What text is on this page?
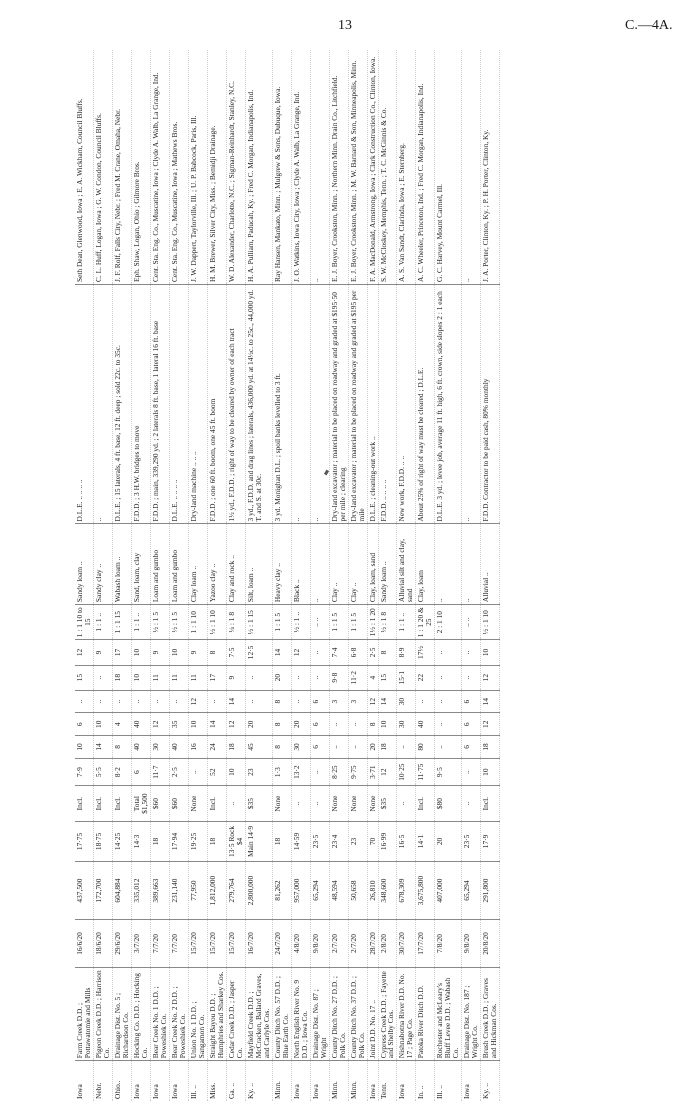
13	C.—4A.
Iowa	Farm Creek D.D. ; Pottawatomie and Mills	16/6/20	437,500	17·75	Incl.	7·9	10	6	..	15	12	1 : 1 10 to 15	Sandy loam ..	D.L.E. .. .. .. ..	Seth Dean, Glenwood, Iowa ; E. A. Wickham, Council Bluffs.
Nebr.	Pigeon Creek D.D. ; Harrison Co.	18/6/20	172,700	18·75	Incl.	5·5	14	10	..	..	9	1 : 1 ..	Sandy clay ..	..	C. L. Huff, Logan, Iowa ; G. W. Condon, Council Bluffs.
Ohio..	Drainage Dist. No. 5 ; Richardson Co.	29/6/20	604,884	14·25	Incl.	8·2	8	4	..	18	17	1 : 1 15	Wabash loam ..	D.L.E. ; 15 laterals, 4 ft. base, 12 ft. deep ; sold 22c. to 35c.	J. F. Rolf, Falls City, Nebr. ; Fred M. Crane, Omaha, Nebr.
Iowa	Hocking Co. D.D. ; Hocking Co.	3/7/20	335,012	14·3	Total $1,500	6	40	40	..	10	10	1 : 1 ..	Sand, loam, clay	F.D.D. ; 3 H.W. bridges to move	Eph. Shaw, Logan, Ohio ; Gilmore Bros.
Iowa	Bear Creek No. 1 D.D. ; Poweshiek Co.	7/7/20	389,663	18	$60	11·7	30	12	..	11	9	½ : 1 5	Loam and gumbo	F.D.D. ; main, 339,290 yd. ; 2 laterals 8 ft. base, 1 lateral 16 ft. base	Cent. Sta. Eng. Co., Muscatine, Iowa ; Clyde A. Walb, La Grange, Ind.
Iowa	Bear Creek No. 2 D.D. ; Poweshiek Co.	7/7/20	231,140	17·94	$60	2·5	40	35	..	11	10	½ : 1 5	Loam and gumbo	D.L.E. .. .. .. ..	Cent. Sta. Eng. Co., Muscatine, Iowa ; Mathews Bros.
Ill. ..	Union No. 1 D.D. ; Sangamon Co.	15/7/20	77,950	19·25	None	..	16	10	12	11	9	1 : 1 10	Clay loam ..	Dry-land machine .. .. ..	J. W. Dappert, Taylorville, Ill. ; U. P. Babcock, Paris, Ill.
Miss.	Straight Bayou D.D. ; Humphries and Sharkey Cos.	15/7/20	1,812,000	18	Incl.	52	24	14	..	17	8	½ : 1 10	Yazoo clay ..	F.D.D. ; one 60 ft. boom, one 45 ft. boom	H. M. Brewer, Silver City, Miss. ; Bemidji Drainage.
Ga. ..	Cedar Creek D.D. ; Jasper Co.	15/7/20	279,764	13·5 Rock $4	..	10	18	12	14	9	7·5	¼ : 1 8	Clay and rock ..	1½ yd., F.D.D. ; right of way to be cleared by owner of each tract	W. D. Alexander, Charlotte, N.C. ; Sigman-Reinhardt, Stanley, N.C.
Ky. ..	Mayfield Creek D.D. ; McCracken, Ballard Graves, and Carlyle Cos.	16/7/20	2,800,000	Main 14·9	$35	23	45	20	..	..	12·5	½ : 1 15	Silt, loam ..	3 yd., F.D.D. and drag lines ; laterals, 436,000 yd. at 14½c. to 25c., 44,000 yd. T. and S. at 30c.	H. A. Pulliam, Paducah, Ky. ; Fred C. Morgan, Indianapolis, Ind.
Minn.	County Ditch No. 57 D.D. ; Blue Earth Co.	24/7/20	81,262	18	None	1·3	8	8	8	20	14	1 : 1 5	Heavy clay ..	3 yd. Monighan D.L. ; spoil banks levelled to 3 ft.	Ray Hansen, Mankato, Minn. ; Mulgrew & Sons, Dubuque, Iowa.
Iowa	North English River No. 9 D.D. ; Iowa Co.	4/8/20	957,000	14·59	..	13·2	30	20	..	..	12	½ : 1 ..	Black ..	..	J. O. Watkins, Iowa City, Iowa ; Clyde A. Walb, La Grange, Ind.
Iowa	Drainage Dist. No. 87 ; Wright	9/8/20	65,294	23·5	..	..	6	6	6	..	..	.. ..	..	..	..
Minn.	County Ditch No. 27 D.D. ; Polk Co.	2/7/20	48,594	23·4	None	8·25	..	..	3	9·8	7·4	1 : 1 5	Clay ..	Dry-land excavator ; material to be placed on roadway and graded at $195·50 per mile ; clearing	E. J. Boyer, Crookston, Minn. ; Northern Minn. Drain Co., Litchfield.
Minn.	County Ditch No. 37 D.D. ; Polk Co.	2/7/20	50,658	23	None	9·75	..	..	3	11·2	6·8	1 : 1 5	Clay ..	Dry-land excavator ; material to be placed on roadway and graded at $195 per mile	E. J. Boyer, Crookston, Minn. ; M. W. Barnard & Son, Minneapolis, Minn.
Iowa	Joint D.D. No. 17 ..	28/7/20	26,810	70	None	3·71	20	8	12	4	2·5	1½ : 1 20	Clay, loam, sand	D.L.E. ; cleaning-out work ..	F. A. MacDonald, Armstrong, Iowa ; Clark Construction Co., Clinton, Iowa.
Tenn.	Cypress Creek D.D. ; Fayette and Shelby Cos.	2/8/20	348,600	16·99	$35	12	18	10	14	15	8	½ : 1 8	Sandy loam ..	F.D.D. .. .. .. ..	S. W. McCloskey, Memphis, Tenn. ; T. C. McGinnis & Co.
Iowa	Nishnabotna River D.D. No. 17 ; Page Co.	30/7/20	678,309	16·5	..	10·25	..	30	30	15·1	8·9	1 : 1 ..	Alluvial silt and clay, sand	New work, F.D.D. .. ..	A. S. Van Sandt, Clarinda, Iowa ; E. Sternberg.
In. ..	Patoka River Ditch D.D.	17/7/20	3,675,800	14·1	Incl.	11·75	80	40	..	22	17½	1 : 1 20 & 25	Clay, loam	About 25% of right of way must be cleared ; D.L.E.	A. C. Wheeler, Princeton, Ind. ; Fred C. Morgan, Indianapolis, Ind.
Ill. ..	Rochester and McLeary's Bluff Levee D.D. ; Wabash Co.	7/8/20	407,000	20	$80	9·5	..	..	..	..	..	2 : 1 10	..	D.L.E. 3 yd. ; levee job, average 11 ft. high, 6 ft. crown, side slopes 2 : 1 each	G. C. Harvey, Mount Carmel, Ill.
Iowa	Drainage Dist. No. 187 ; Wright Co.	9/8/20	65,294	23·5	..	..	6	6	6	..	..	.. ..	..	..	..
Ky. ..	Brush Creek D.D. ; Graves and Hickman Cos.	20/8/20	291,800	17·9	Incl.	10	18	12	14	12	10	½ : 1 10	Alluvial ..	F.D.D. Contractor to be paid cash, 80% monthly	J. A. Porter, Clinton, Ky. ; P. H. Porter, Clinton, Ky.
